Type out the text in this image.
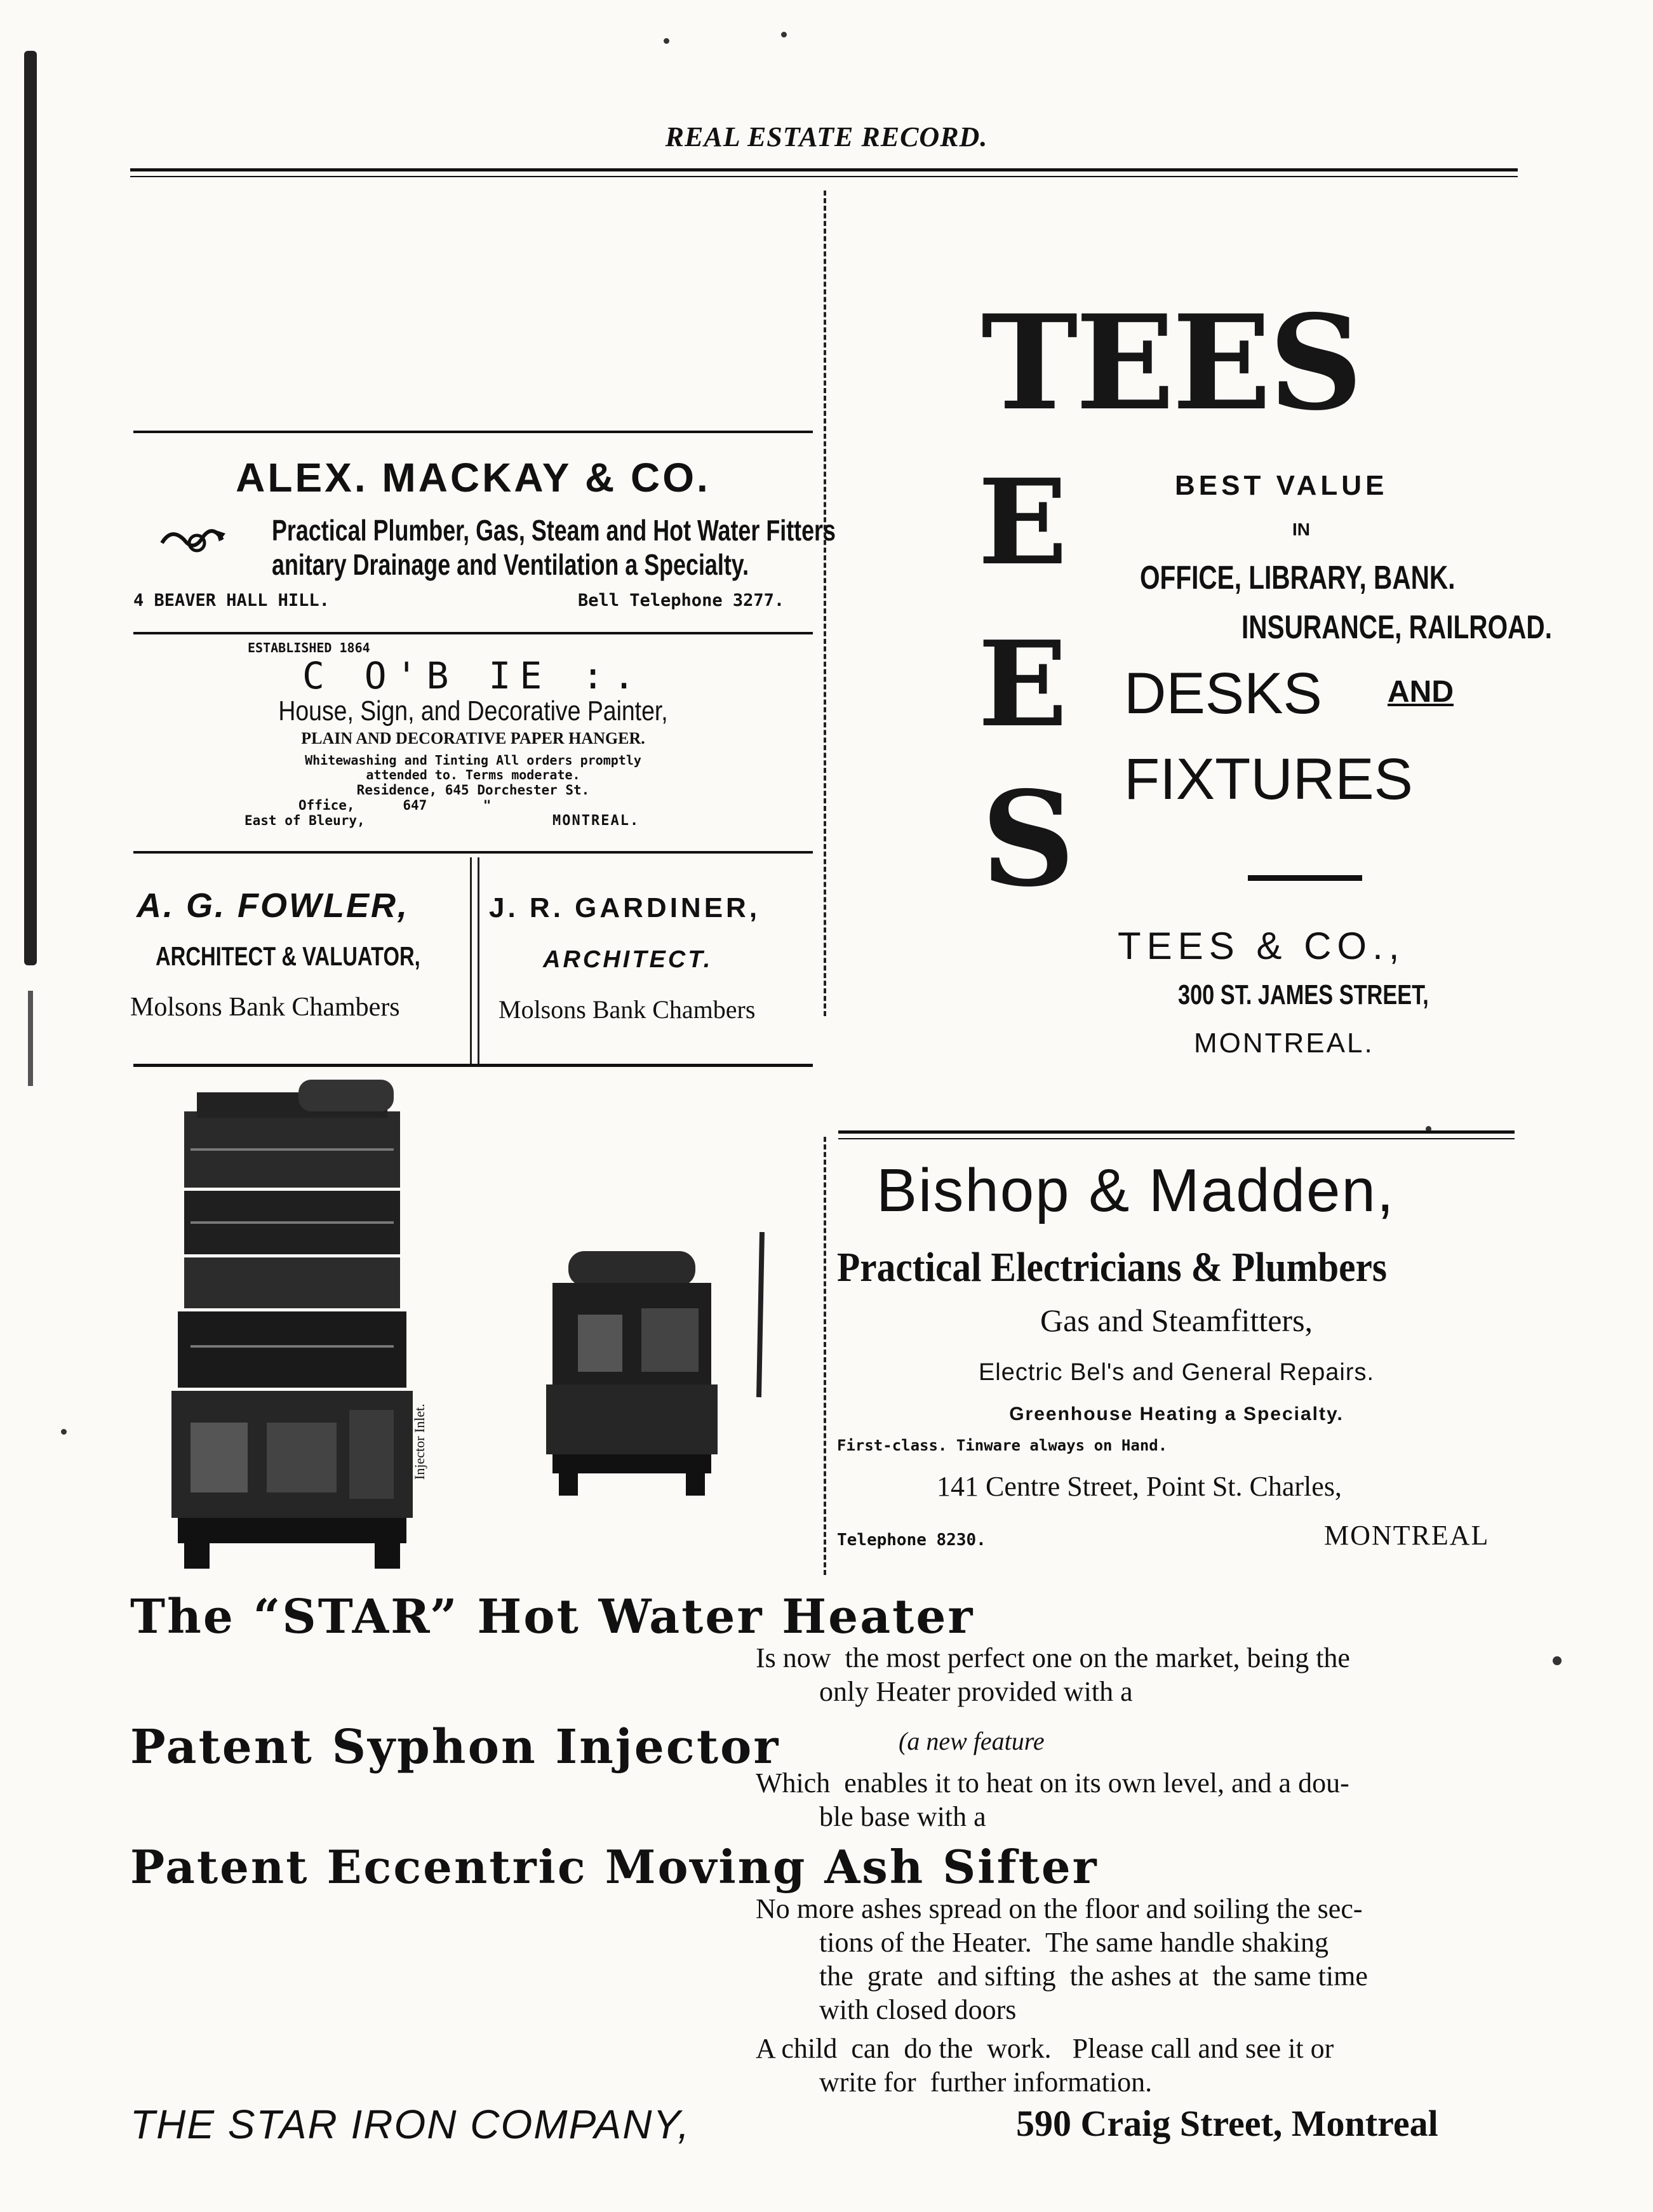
REAL ESTATE RECORD.
ALEX. MACKAY & CO.
Practical Plumber, Gas, Steam and Hot Water Fitters
anitary Drainage and Ventilation a Specialty.
4 BEAVER HALL HILL.	Bell Telephone 3277.
ESTABLISHED 1864
C O'B IE :.
House, Sign, and Decorative Painter,
PLAIN AND DECORATIVE PAPER HANGER.
Whitewashing and Tinting All orders promptly
attended to. Terms moderate.
Residence, 645 Dorchester St.
Office,      647       "
East of Bleury,	MONTREAL.
A. G. FOWLER,
ARCHITECT & VALUATOR,
Molsons Bank Chambers
J. R. GARDINER,
ARCHITECT.
Molsons Bank Chambers
Injector Inlet.
TEES
E
E
S
BEST VALUE
IN
OFFICE, LIBRARY, BANK.
INSURANCE, RAILROAD.
DESKS AND
FIXTURES
TEES & CO.,
300 ST. JAMES STREET,
MONTREAL.
Bishop & Madden,
Practical Electricians & Plumbers
Gas and Steamfitters,
Electric Bel's and General Repairs.
Greenhouse Heating a Specialty.
First-class. Tinware always on Hand.
141 Centre Street, Point St. Charles,
Telephone 8230.	MONTREAL
The “STAR” Hot Water Heater
Is now  the most perfect one on the market, being the
only Heater provided with a
Patent Syphon Injector	(a new feature
Which  enables it to heat on its own level, and a dou-
ble base with a
Patent Eccentric Moving Ash Sifter
No more ashes spread on the floor and soiling the sec-
tions of the Heater.  The same handle shaking
the  grate  and sifting  the ashes at  the same time
with closed doors
A child  can  do the  work.   Please call and see it or
write for  further information.
THE STAR IRON COMPANY,	590 Craig Street, Montreal
